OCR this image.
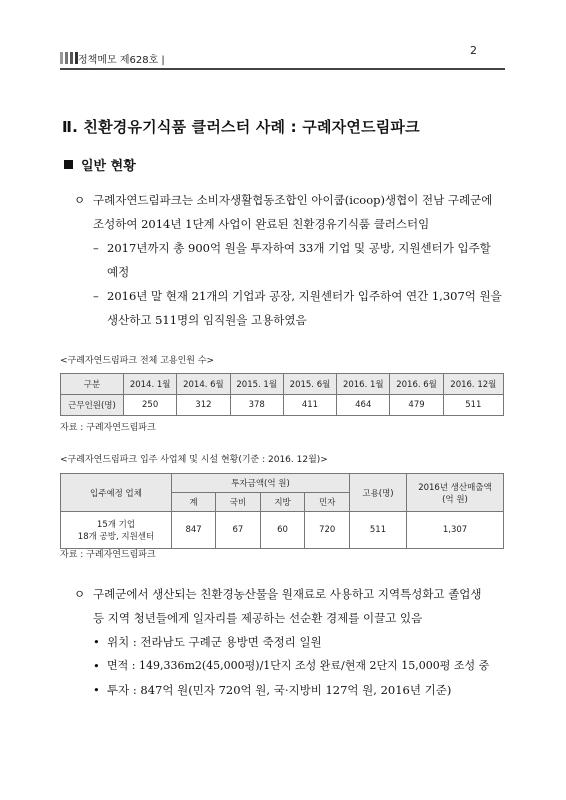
정책메모 제628호 |
2
Ⅱ. 친환경유기식품 클러스터 사례 : 구례자연드림파크
일반 현황
ㅇ 구례자연드림파크는 소비자생활협동조합인 아이쿱(icoop)생협이 전남 구례군에
조성하여 2014년 1단계 사업이 완료된 친환경유기식품 클러스터임
– 2017년까지 총 900억 원을 투자하여 33개 기업 및 공방, 지원센터가 입주할
예정
– 2016년 말 현재 21개의 기업과 공장, 지원센터가 입주하여 연간 1,307억 원을
생산하고 511명의 임직원을 고용하였음
<구례자연드림파크 전체 고용인원 수>
구분	2014. 1월	2014. 6월	2015. 1월	2015. 6월	2016. 1월	2016. 6월	2016. 12월
근무인원(명)	250	312	378	411	464	479	511
자료 : 구례자연드림파크
<구례자연드림파크 입주 사업체 및 시설 현황(기준 : 2016. 12월)>
입주예정 업체	투자금액(억 원)				고용(명)	2016년 생산매출액
(억 원)

	계	국비	지방	민자		

15개 기업
18개 공방, 지원센터	847	67	60	720	511	1,307
자료 : 구례자연드림파크
ㅇ 구례군에서 생산되는 친환경농산물을 원재료로 사용하고 지역특성화고 졸업생
등 지역 청년들에게 일자리를 제공하는 선순환 경제를 이끌고 있음
• 위치 : 전라남도 구례군 용방면 죽정리 일원
• 면적 : 149,336m2(45,000평)/1단지 조성 완료/현재 2단지 15,000평 조성 중
• 투자 : 847억 원(민자 720억 원, 국·지방비 127억 원, 2016년 기준)
